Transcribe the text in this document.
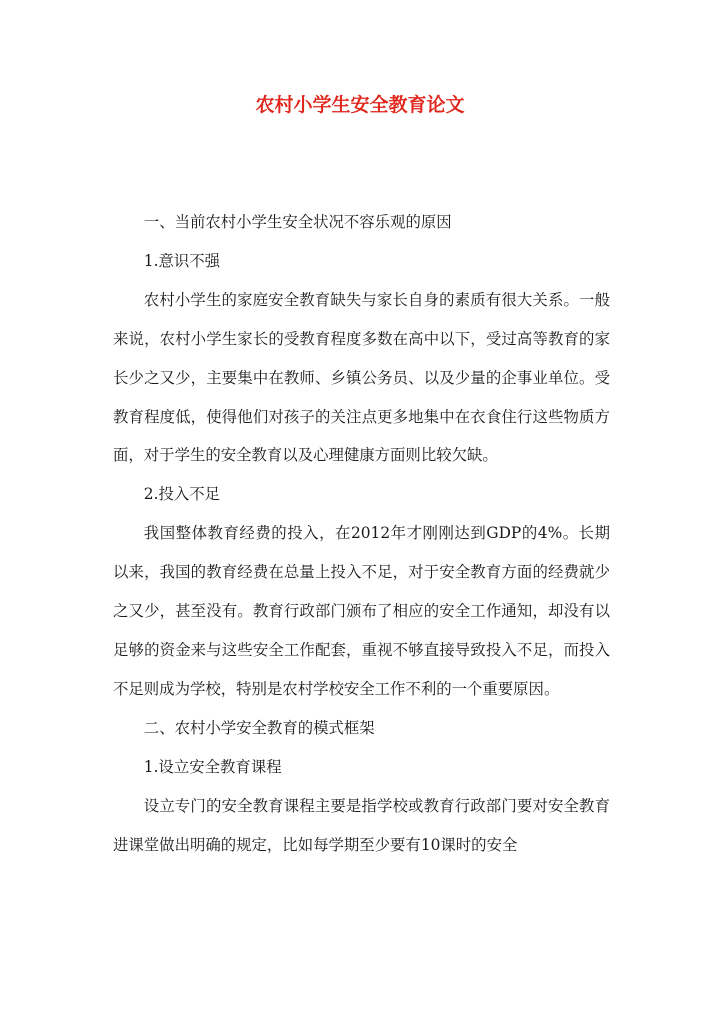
农村小学生安全教育论文

一、当前农村小学生安全状况不容乐观的原因

1.意识不强

农村小学生的家庭安全教育缺失与家长自身的素质有很大关系。一般来说，农村小学生家长的受教育程度多数在高中以下，受过高等教育的家长少之又少，主要集中在教师、乡镇公务员、以及少量的企事业单位。受教育程度低，使得他们对孩子的关注点更多地集中在衣食住行这些物质方面，对于学生的安全教育以及心理健康方面则比较欠缺。

2.投入不足

我国整体教育经费的投入，在2012年才刚刚达到GDP的4%。长期以来，我国的教育经费在总量上投入不足，对于安全教育方面的经费就少之又少，甚至没有。教育行政部门颁布了相应的安全工作通知，却没有以足够的资金来与这些安全工作配套，重视不够直接导致投入不足，而投入不足则成为学校，特别是农村学校安全工作不利的一个重要原因。

二、农村小学安全教育的模式框架

1.设立安全教育课程

设立专门的安全教育课程主要是指学校或教育行政部门要对安全教育进课堂做出明确的规定，比如每学期至少要有10课时的安全
